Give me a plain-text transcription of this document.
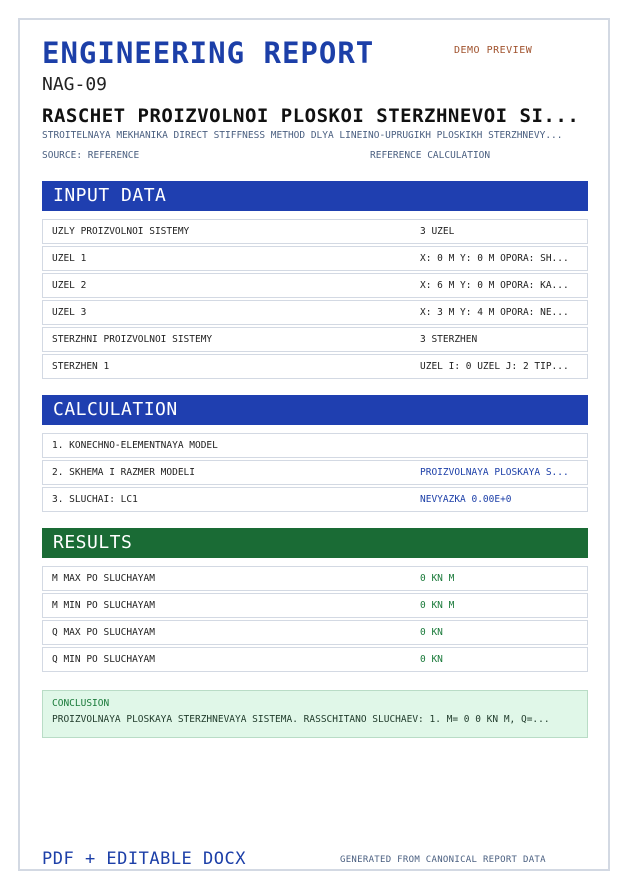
ENGINEERING REPORT	DEMO PREVIEW
NAG-09
RASCHET PROIZVOLNOI PLOSKOI STERZHNEVOI SI...
STROITELNAYA MEKHANIKA DIRECT STIFFNESS METHOD DLYA LINEINO-UPRUGIKH PLOSKIKH STERZHNEVY...
SOURCE: REFERENCE	REFERENCE CALCULATION
INPUT DATA
UZLY PROIZVOLNOI SISTEMY	3 UZEL
UZEL 1	X: 0 M Y: 0 M OPORA: SH...
UZEL 2	X: 6 M Y: 0 M OPORA: KA...
UZEL 3	X: 3 M Y: 4 M OPORA: NE...
STERZHNI PROIZVOLNOI SISTEMY	3 STERZHEN
STERZHEN 1	UZEL I: 0 UZEL J: 2 TIP...
CALCULATION
1. KONECHNO-ELEMENTNAYA MODEL
2. SKHEMA I RAZMER MODELI	PROIZVOLNAYA PLOSKAYA S...
3. SLUCHAI: LC1	NEVYAZKA 0.00E+0
RESULTS
M MAX PO SLUCHAYAM	0 KN M
M MIN PO SLUCHAYAM	0 KN M
Q MAX PO SLUCHAYAM	0 KN
Q MIN PO SLUCHAYAM	0 KN
CONCLUSION
PROIZVOLNAYA PLOSKAYA STERZHNEVAYA SISTEMA. RASSCHITANO SLUCHAEV: 1. M= 0 0 KN M, Q=...
PDF + EDITABLE DOCX	GENERATED FROM CANONICAL REPORT DATA
